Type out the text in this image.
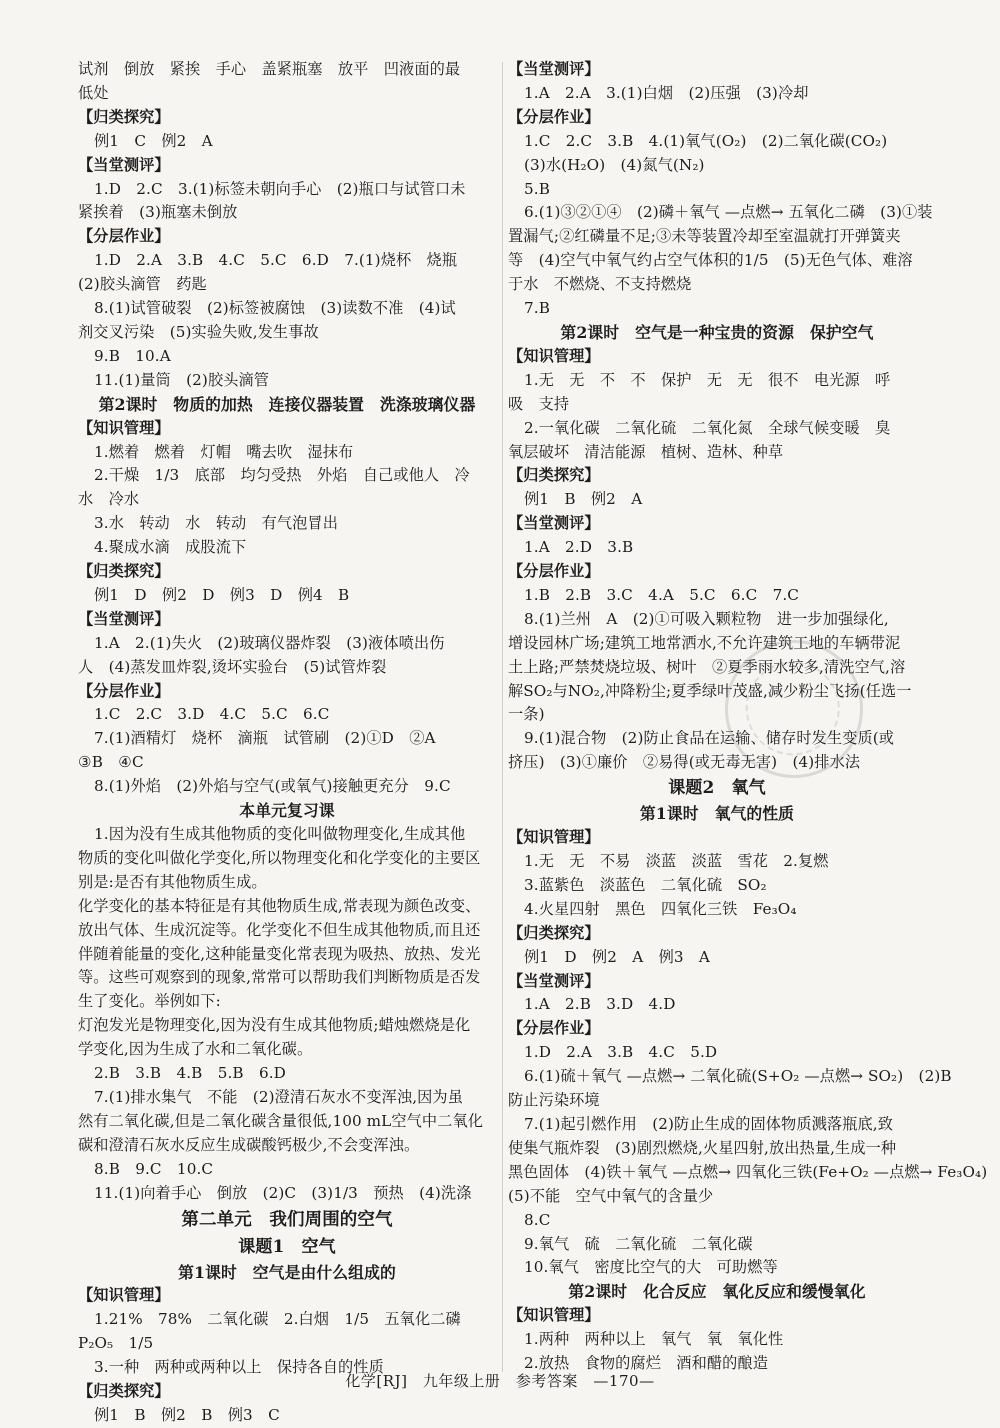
试剂　倒放　紧挨　手心　盖紧瓶塞　放平　凹液面的最
低处
【归类探究】
例1　C　例2　A
【当堂测评】
1.D　2.C　3.(1)标签未朝向手心　(2)瓶口与试管口未
紧挨着　(3)瓶塞未倒放
【分层作业】
1.D　2.A　3.B　4.C　5.C　6.D　7.(1)烧杯　烧瓶
(2)胶头滴管　药匙
8.(1)试管破裂　(2)标签被腐蚀　(3)读数不准　(4)试
剂交叉污染　(5)实验失败,发生事故
9.B　10.A
11.(1)量筒　(2)胶头滴管
第2课时　物质的加热　连接仪器装置　洗涤玻璃仪器
【知识管理】
1.燃着　燃着　灯帽　嘴去吹　湿抹布
2.干燥　1/3　底部　均匀受热　外焰　自己或他人　冷
水　冷水
3.水　转动　水　转动　有气泡冒出
4.聚成水滴　成股流下
【归类探究】
例1　D　例2　D　例3　D　例4　B
【当堂测评】
1.A　2.(1)失火　(2)玻璃仪器炸裂　(3)液体喷出伤
人　(4)蒸发皿炸裂,烫坏实验台　(5)试管炸裂
【分层作业】
1.C　2.C　3.D　4.C　5.C　6.C
7.(1)酒精灯　烧杯　滴瓶　试管刷　(2)①D　②A
③B　④C
8.(1)外焰　(2)外焰与空气(或氧气)接触更充分　9.C
本单元复习课
1.因为没有生成其他物质的变化叫做物理变化,生成其他
物质的变化叫做化学变化,所以物理变化和化学变化的主要区
别是:是否有其他物质生成。
化学变化的基本特征是有其他物质生成,常表现为颜色改变、
放出气体、生成沉淀等。化学变化不但生成其他物质,而且还
伴随着能量的变化,这种能量变化常表现为吸热、放热、发光
等。这些可观察到的现象,常常可以帮助我们判断物质是否发
生了变化。举例如下:
灯泡发光是物理变化,因为没有生成其他物质;蜡烛燃烧是化
学变化,因为生成了水和二氧化碳。
2.B　3.B　4.B　5.B　6.D
7.(1)排水集气　不能　(2)澄清石灰水不变浑浊,因为虽
然有二氧化碳,但是二氧化碳含量很低,100 mL空气中二氧化
碳和澄清石灰水反应生成碳酸钙极少,不会变浑浊。
8.B　9.C　10.C
11.(1)向着手心　倒放　(2)C　(3)1/3　预热　(4)洗涤
第二单元　我们周围的空气
课题1　空气
第1课时　空气是由什么组成的
【知识管理】
1.21%　78%　二氧化碳　2.白烟　1/5　五氧化二磷
P₂O₅　1/5
3.一种　两种或两种以上　保持各自的性质
【归类探究】
例1　B　例2　B　例3　C
【当堂测评】
1.A　2.A　3.(1)白烟　(2)压强　(3)冷却
【分层作业】
1.C　2.C　3.B　4.(1)氧气(O₂)　(2)二氧化碳(CO₂)
(3)水(H₂O)　(4)氮气(N₂)
5.B
6.(1)③②①④　(2)磷＋氧气 —点燃→ 五氧化二磷　(3)①装
置漏气;②红磷量不足;③未等装置冷却至室温就打开弹簧夹
等　(4)空气中氧气约占空气体积的1/5　(5)无色气体、难溶
于水　不燃烧、不支持燃烧
7.B
第2课时　空气是一种宝贵的资源　保护空气
【知识管理】
1.无　无　不　不　保护　无　无　很不　电光源　呼
吸　支持
2.一氧化碳　二氧化硫　二氧化氮　全球气候变暖　臭
氧层破坏　清洁能源　植树、造林、种草
【归类探究】
例1　B　例2　A
【当堂测评】
1.A　2.D　3.B
【分层作业】
1.B　2.B　3.C　4.A　5.C　6.C　7.C
8.(1)兰州　A　(2)①可吸入颗粒物　进一步加强绿化,
增设园林广场;建筑工地常洒水,不允许建筑工地的车辆带泥
土上路;严禁焚烧垃圾、树叶　②夏季雨水较多,清洗空气,溶
解SO₂与NO₂,冲降粉尘;夏季绿叶茂盛,减少粉尘飞扬(任选一
一条)
9.(1)混合物　(2)防止食品在运输、储存时发生变质(或
挤压)　(3)①廉价　②易得(或无毒无害)　(4)排水法
课题2　氧气
第1课时　氧气的性质
【知识管理】
1.无　无　不易　淡蓝　淡蓝　雪花　2.复燃
3.蓝紫色　淡蓝色　二氧化硫　SO₂
4.火星四射　黑色　四氧化三铁　Fe₃O₄
【归类探究】
例1　D　例2　A　例3　A
【当堂测评】
1.A　2.B　3.D　4.D
【分层作业】
1.D　2.A　3.B　4.C　5.D
6.(1)硫＋氧气 —点燃→ 二氧化硫(S+O₂ —点燃→ SO₂)　(2)B
防止污染环境
7.(1)起引燃作用　(2)防止生成的固体物质溅落瓶底,致
使集气瓶炸裂　(3)剧烈燃烧,火星四射,放出热量,生成一种
黑色固体　(4)铁＋氧气 —点燃→ 四氧化三铁(Fe+O₂ —点燃→ Fe₃O₄)
(5)不能　空气中氧气的含量少
8.C
9.氧气　硫　二氧化硫　二氧化碳
10.氧气　密度比空气的大　可助燃等
第2课时　化合反应　氧化反应和缓慢氧化
【知识管理】
1.两种　两种以上　氧气　氧　氧化性
2.放热　食物的腐烂　酒和醋的酿造
化学[RJ]　九年级上册　参考答案　—170—
